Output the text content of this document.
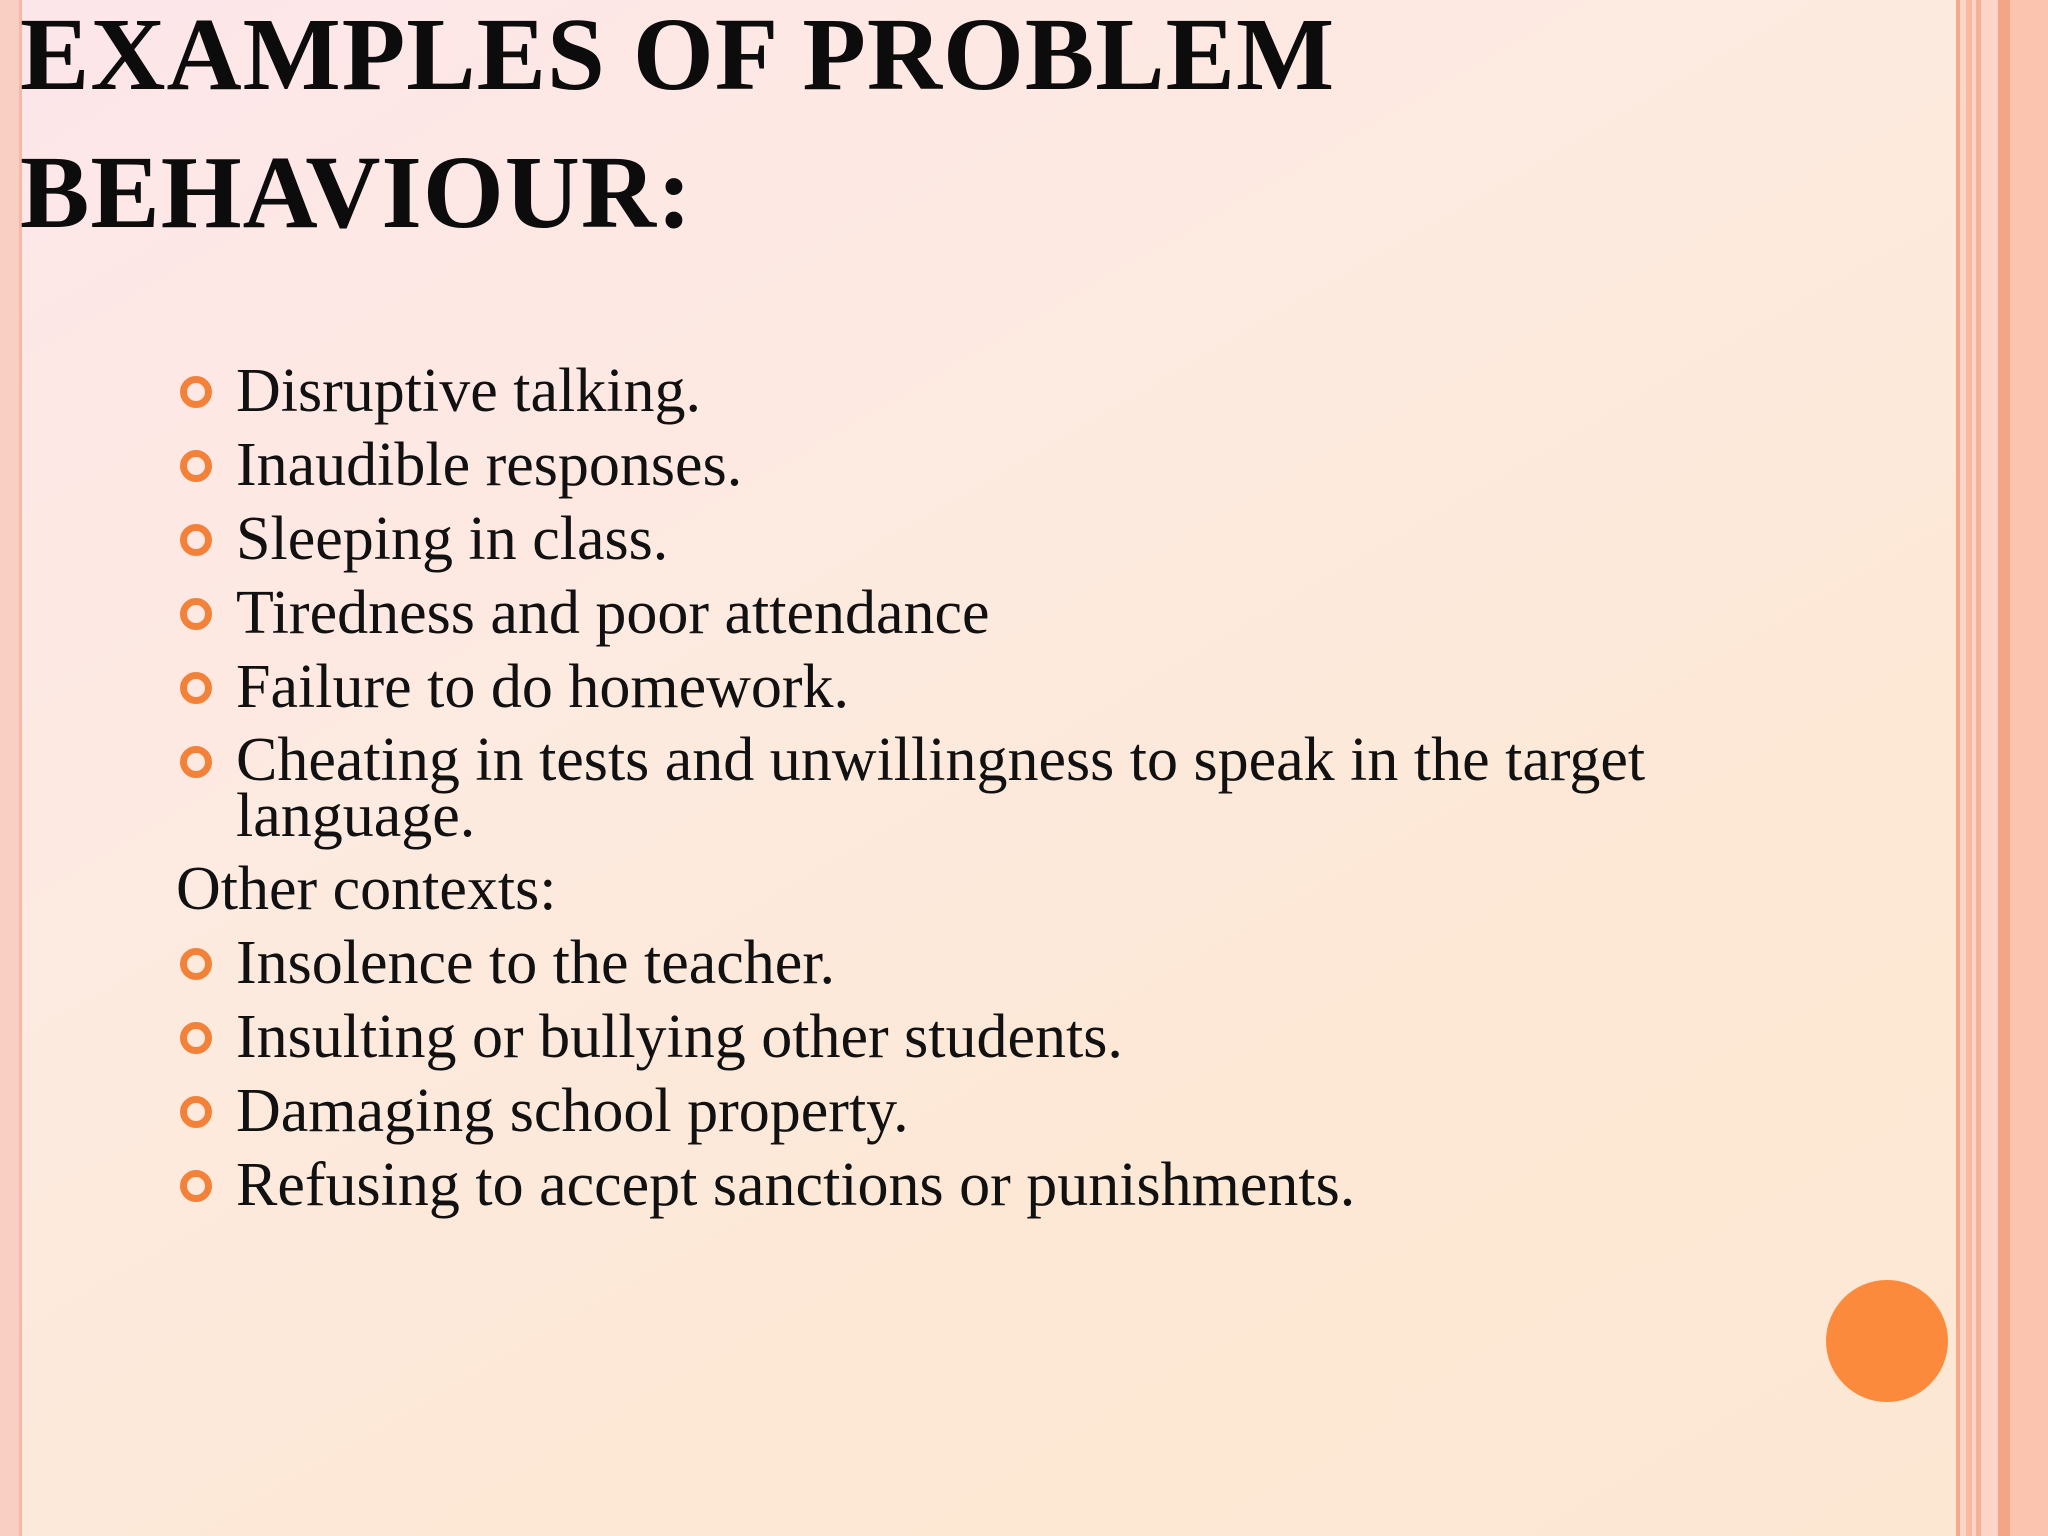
EXAMPLES OF PROBLEM
BEHAVIOUR:
Disruptive talking.
Inaudible responses.
Sleeping in class.
Tiredness and poor attendance
Failure to do homework.
Cheating in tests and unwillingness to speak in the target language.
Other contexts:
Insolence to the teacher.
Insulting or bullying other students.
Damaging school property.
Refusing to accept sanctions or punishments.
